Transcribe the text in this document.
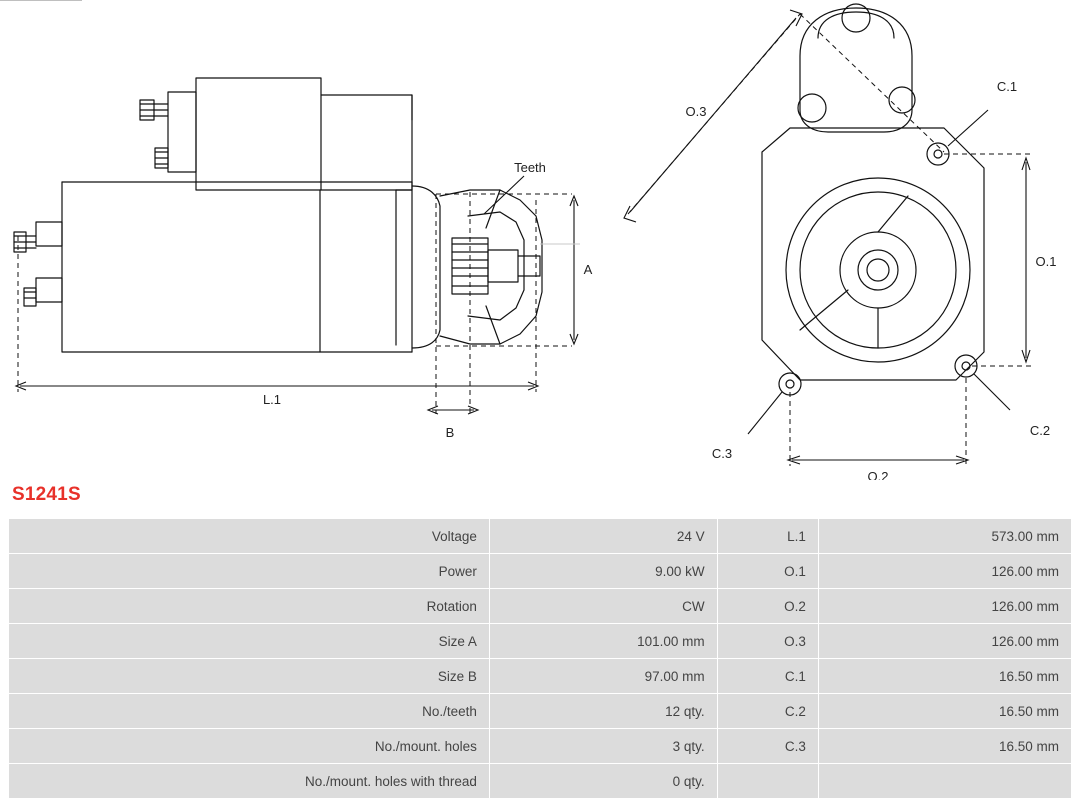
Teeth
A
L.1
B
O.1
O.2
O.3
C.1
C.2
C.3
S1241S
Voltage	24 V	L.1	573.00 mm
Power	9.00 kW	O.1	126.00 mm
Rotation	CW	O.2	126.00 mm
Size A	101.00 mm	O.3	126.00 mm
Size B	97.00 mm	C.1	16.50 mm
No./teeth	12 qty.	C.2	16.50 mm
No./mount. holes	3 qty.	C.3	16.50 mm
No./mount. holes with thread	0 qty.		
